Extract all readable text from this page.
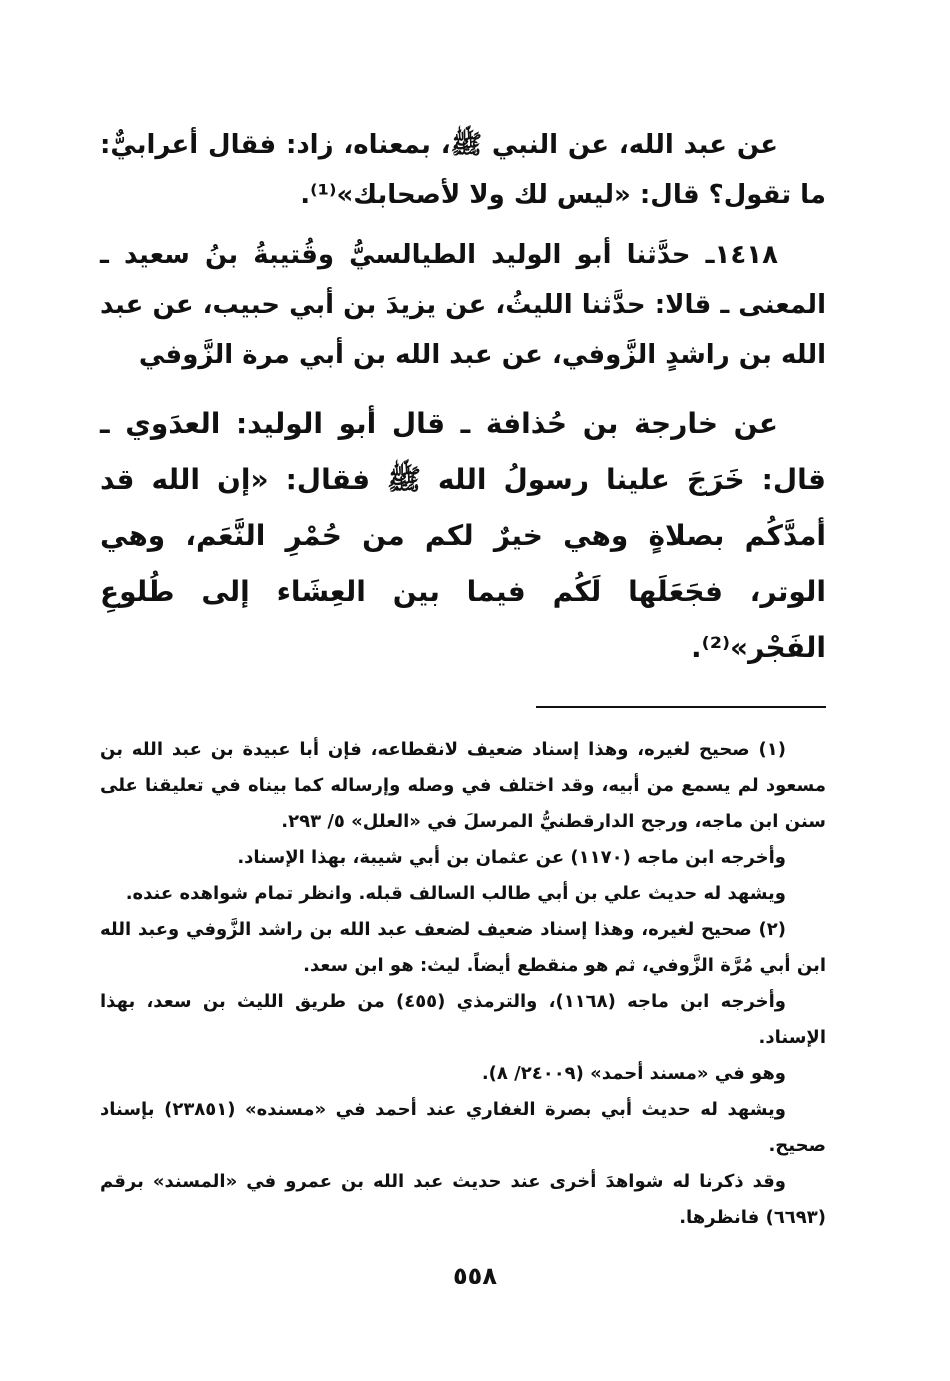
عن عبد الله، عن النبي ﷺ، بمعناه، زاد: فقال أعرابيٌّ: ما تقول؟ قال: «ليس لك ولا لأصحابك»⁽¹⁾.

١٤١٨ـ حدَّثنا أبو الوليد الطيالسيُّ وقُتيبةُ بنُ سعيد ـ المعنى ـ قالا: حدَّثنا الليثُ، عن يزيدَ بن أبي حبيب، عن عبد الله بن راشدٍ الزَّوفي، عن عبد الله بن أبي مرة الزَّوفي

عن خارجة بن حُذافة ـ قال أبو الوليد: العدَوي ـ قال: خَرَجَ علينا رسولُ الله ﷺ فقال: «إن الله قد أمدَّكُم بصلاةٍ وهي خيرٌ لكم من حُمْرِ النَّعَم، وهي الوتر، فجَعَلَها لَكُم فيما بين العِشَاء إلى طُلوعِ الفَجْر»⁽²⁾.

(١) صحيح لغيره، وهذا إسناد ضعيف لانقطاعه، فإن أبا عبيدة بن عبد الله بن مسعود لم يسمع من أبيه، وقد اختلف في وصله وإرساله كما بيناه في تعليقنا على سنن ابن ماجه، ورجح الدارقطنيُّ المرسلَ في «العلل» ٥/ ٢٩٣.

وأخرجه ابن ماجه (١١٧٠) عن عثمان بن أبي شيبة، بهذا الإسناد.

ويشهد له حديث علي بن أبي طالب السالف قبله. وانظر تمام شواهده عنده.

(٢) صحيح لغيره، وهذا إسناد ضعيف لضعف عبد الله بن راشد الزَّوفي وعبد الله ابن أبي مُرَّة الزَّوفي، ثم هو منقطع أيضاً. ليث: هو ابن سعد.

وأخرجه ابن ماجه (١١٦٨)، والترمذي (٤٥٥) من طريق الليث بن سعد، بهذا الإسناد.

وهو في «مسند أحمد» (٢٤٠٠٩/ ٨).

ويشهد له حديث أبي بصرة الغفاري عند أحمد في «مسنده» (٢٣٨٥١) بإسناد صحيح.

وقد ذكرنا له شواهدَ أخرى عند حديث عبد الله بن عمرو في «المسند» برقم (٦٦٩٣) فانظرها.

٥٥٨
